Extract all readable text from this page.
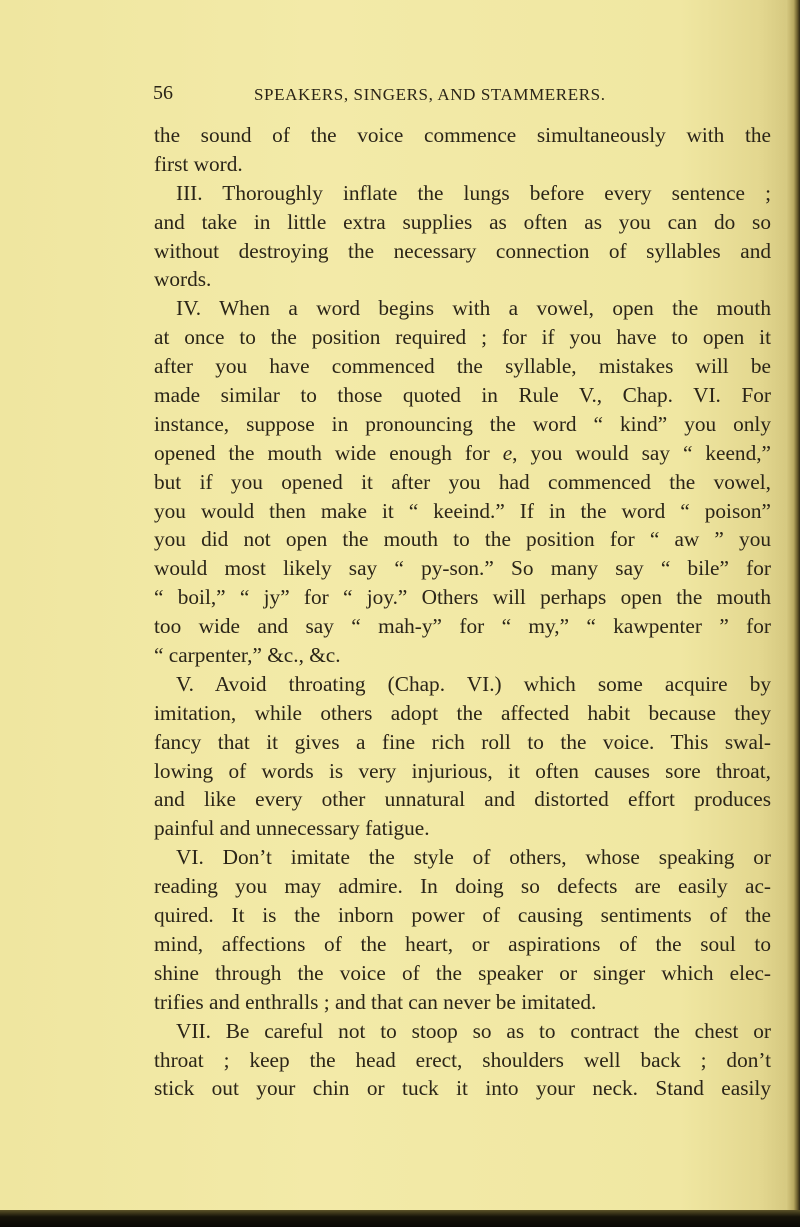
56	SPEAKERS, SINGERS, AND STAMMERERS.
the sound of the voice commence simultaneously with the
first word.
III. Thoroughly inflate the lungs before every sentence ;
and take in little extra supplies as often as you can do so
without destroying the necessary connection of syllables and
words.
IV. When a word begins with a vowel, open the mouth
at once to the position required ; for if you have to open it
after you have commenced the syllable, mistakes will be
made similar to those quoted in Rule V., Chap. VI. For
instance, suppose in pronouncing the word “ kind” you only
opened the mouth wide enough for e, you would say “ keend,”
but if you opened it after you had commenced the vowel,
you would then make it “ keeind.” If in the word “ poison”
you did not open the mouth to the position for “ aw ” you
would most likely say “ py-son.” So many say “ bile” for
“ boil,” “ jy” for “ joy.” Others will perhaps open the mouth
too wide and say “ mah-y” for “ my,” “ kawpenter ” for
“ carpenter,” &c., &c.
V. Avoid throating (Chap. VI.) which some acquire by
imitation, while others adopt the affected habit because they
fancy that it gives a fine rich roll to the voice. This swal-
lowing of words is very injurious, it often causes sore throat,
and like every other unnatural and distorted effort produces
painful and unnecessary fatigue.
VI. Don’t imitate the style of others, whose speaking or
reading you may admire. In doing so defects are easily ac-
quired. It is the inborn power of causing sentiments of the
mind, affections of the heart, or aspirations of the soul to
shine through the voice of the speaker or singer which elec-
trifies and enthralls ; and that can never be imitated.
VII. Be careful not to stoop so as to contract the chest or
throat ; keep the head erect, shoulders well back ; don’t
stick out your chin or tuck it into your neck. Stand easily
